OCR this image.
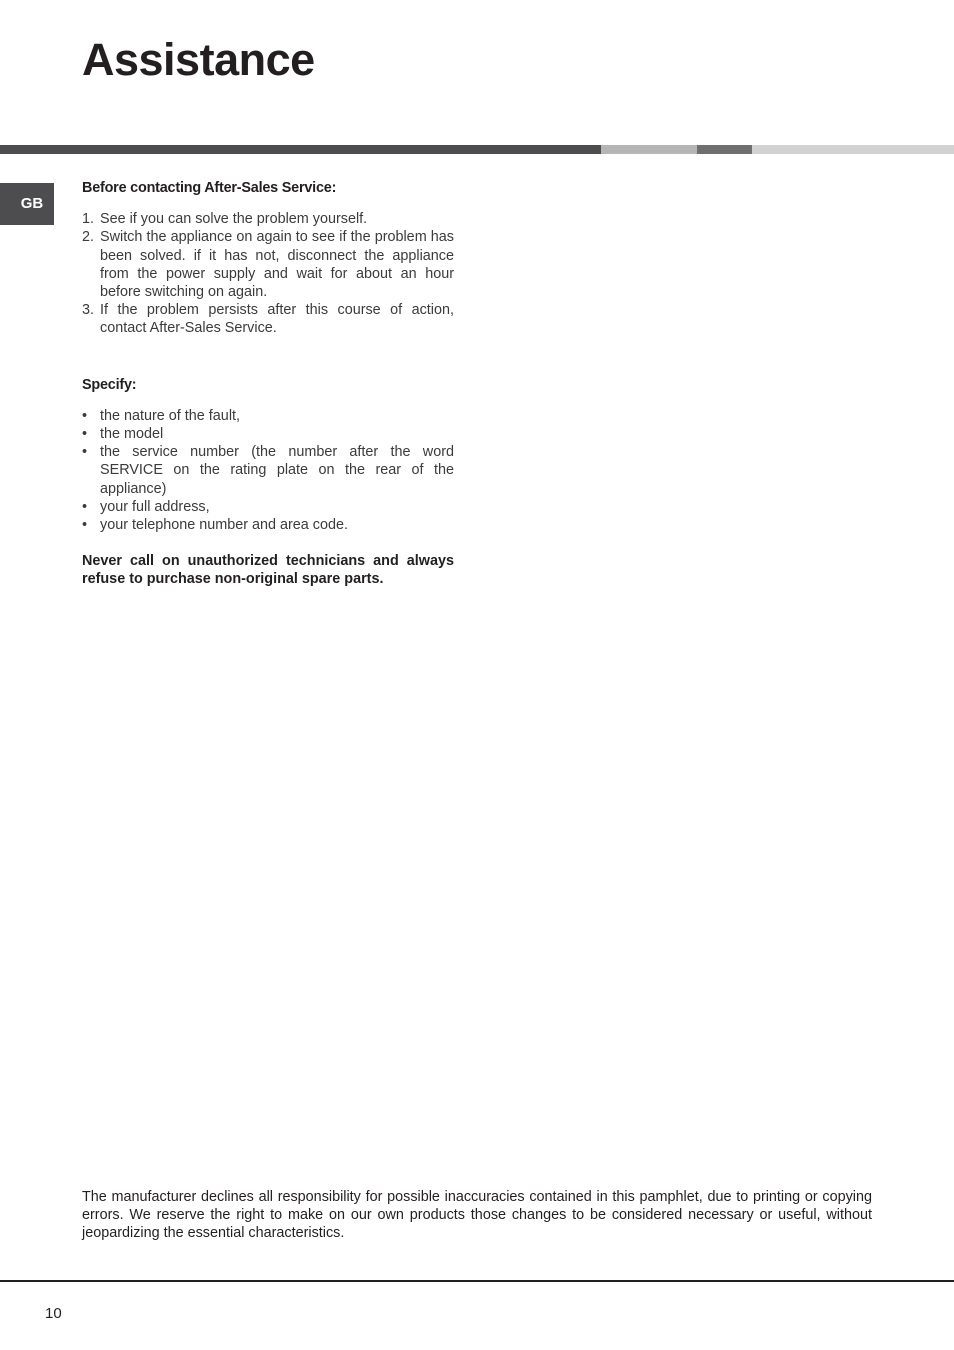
Assistance
GB
Before contacting After-Sales Service:
1. See if you can solve the problem yourself.
2. Switch the appliance on again to see if the problem has been solved. if it has not, disconnect the appliance from the power supply and wait for about an hour before switching on again.
3. If the problem persists after this course of action, contact After-Sales Service.
Specify:
• the nature of the fault,
• the model
• the service number (the number after the word SERVICE on the rating plate on the rear of the appliance)
• your full address,
• your telephone number and area code.

Never call on unauthorized technicians and always refuse to purchase non-original spare parts.

The manufacturer declines all responsibility for possible inaccuracies contained in this pamphlet, due to printing or copying errors. We reserve the right to make on our own products those changes to be considered necessary or useful, without jeopardizing the essential characteristics.

10
